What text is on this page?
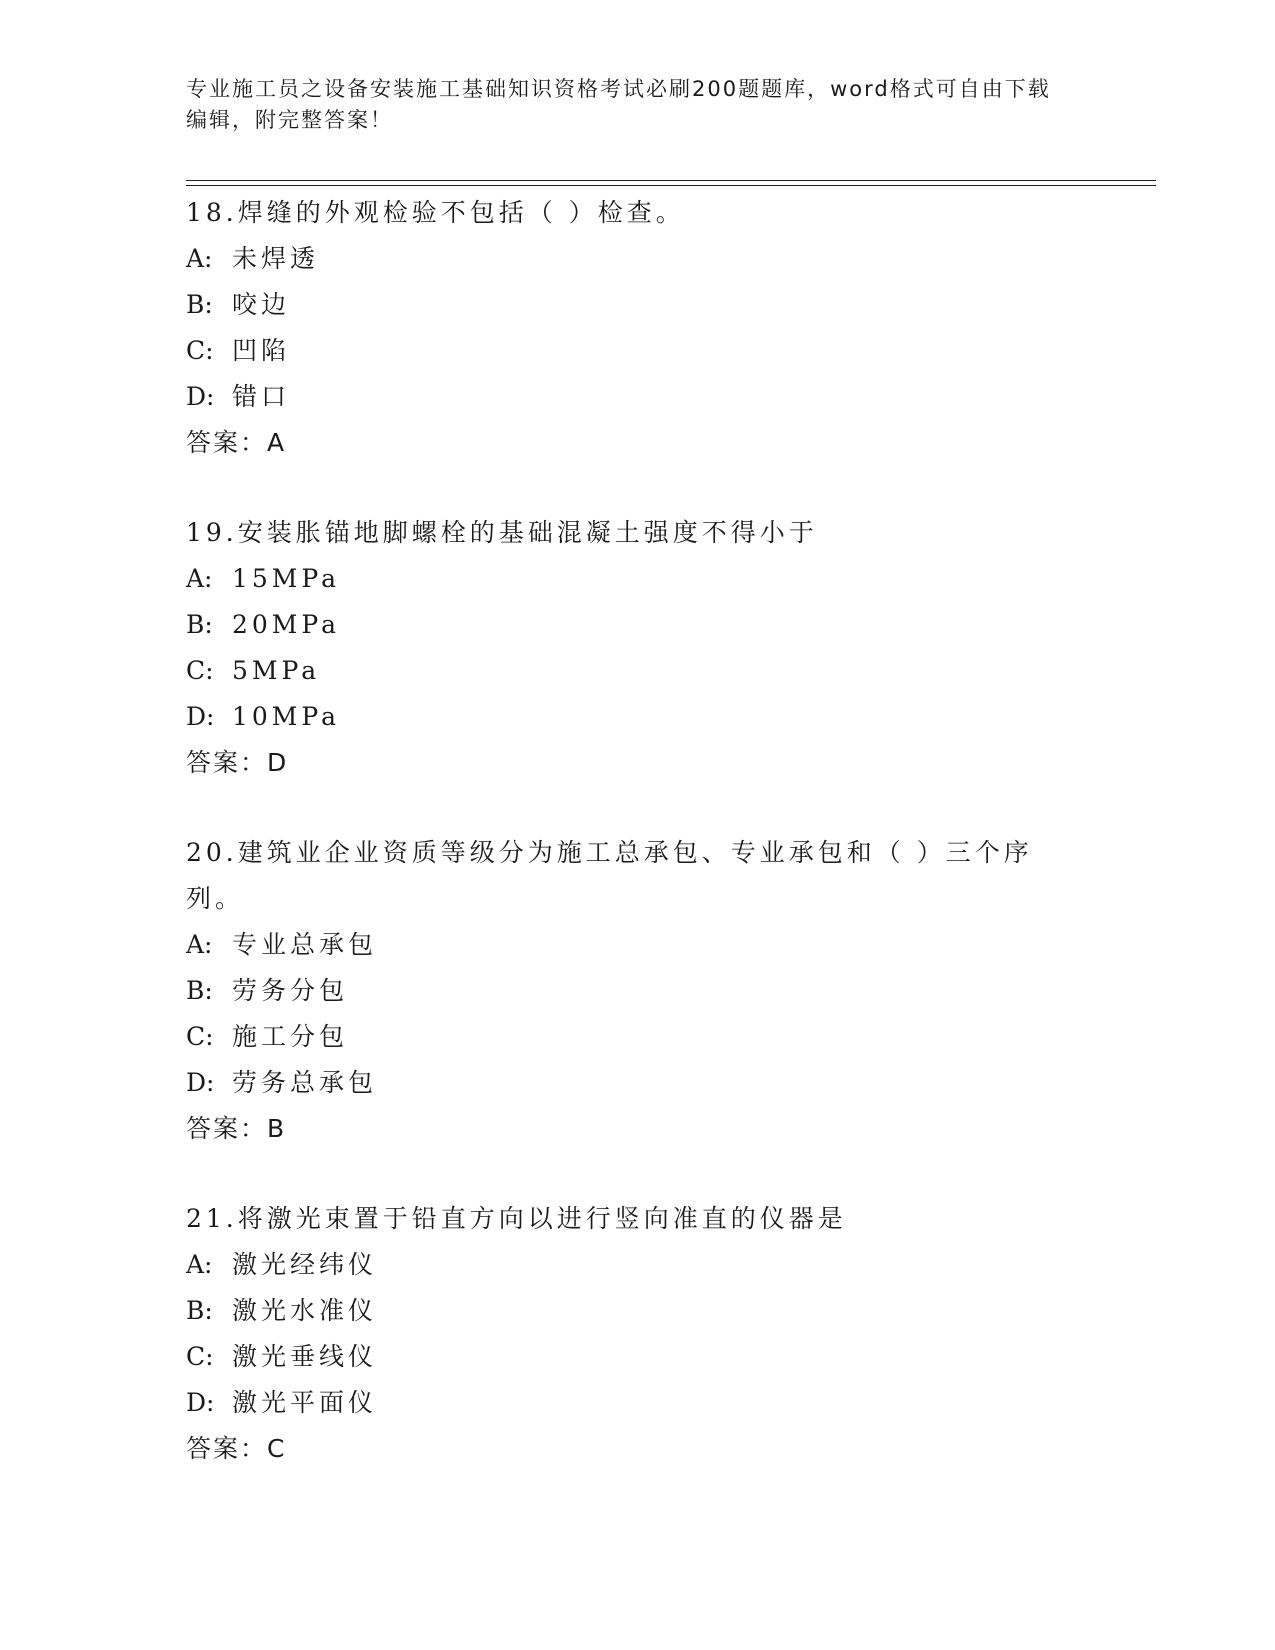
专业施工员之设备安装施工基础知识资格考试必刷200题题库，word格式可自由下载编辑，附完整答案！
18.焊缝的外观检验不包括（ ）检查。
A: 未焊透
B: 咬边
C: 凹陷
D: 错口
答案：A
19.安装胀锚地脚螺栓的基础混凝土强度不得小于
A: 15MPa
B: 20MPa
C: 5MPa
D: 10MPa
答案：D
20.建筑业企业资质等级分为施工总承包、专业承包和（ ）三个序列。
A: 专业总承包
B: 劳务分包
C: 施工分包
D: 劳务总承包
答案：B
21.将激光束置于铅直方向以进行竖向准直的仪器是
A: 激光经纬仪
B: 激光水准仪
C: 激光垂线仪
D: 激光平面仪
答案：C
